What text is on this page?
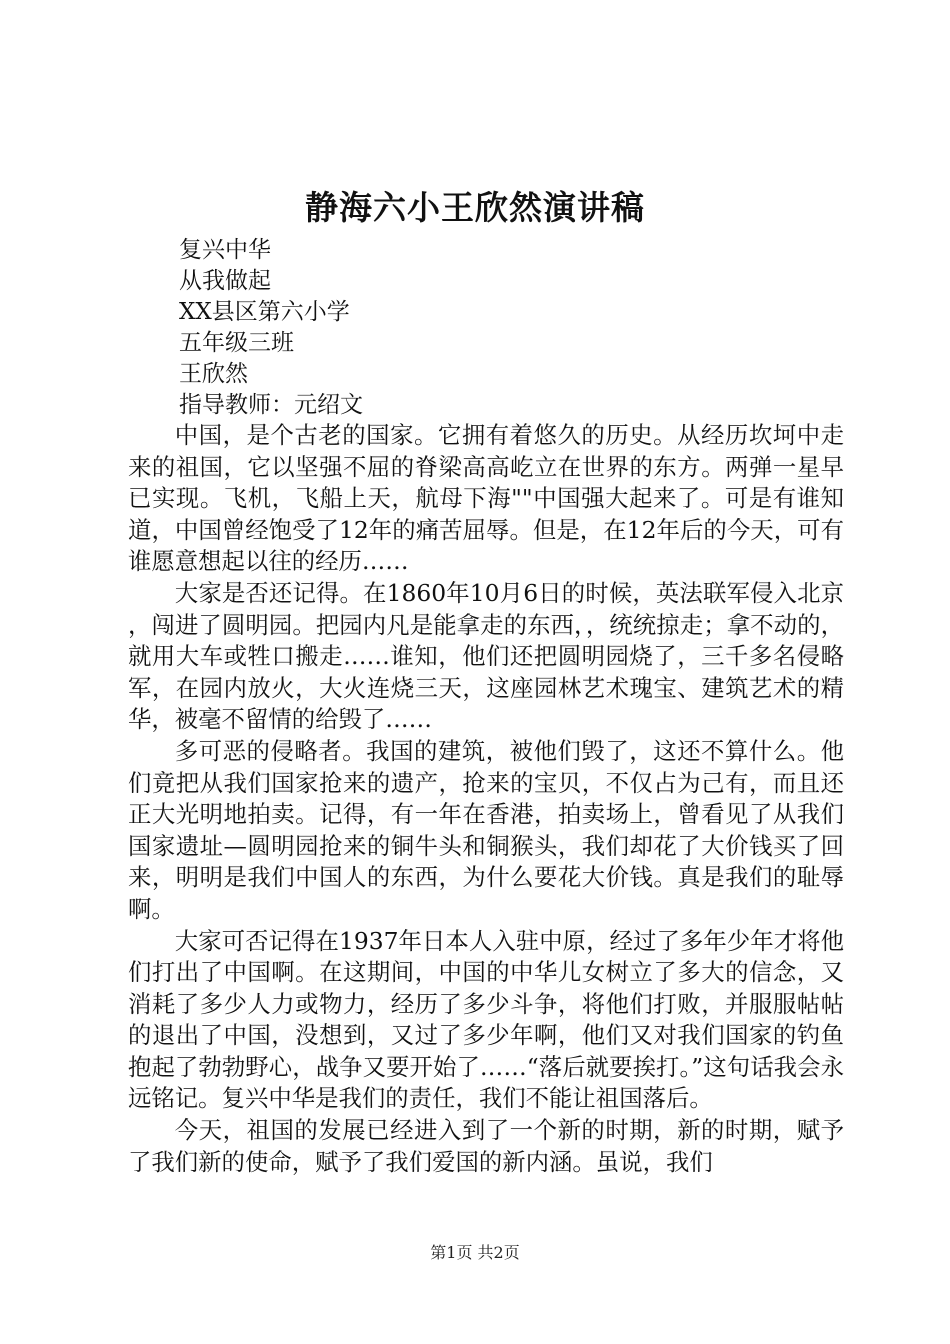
静海六小王欣然演讲稿
复兴中华
从我做起
XX县区第六小学
五年级三班
王欣然
指导教师：元绍文

中国，是个古老的国家。它拥有着悠久的历史。从经历坎坷中走来的祖国，它以坚强不屈的脊梁高高屹立在世界的东方。两弹一星早已实现。飞机，飞船上天，航母下海""中国强大起来了。可是有谁知道，中国曾经饱受了12年的痛苦屈辱。但是，在12年后的今天，可有谁愿意想起以往的经历……

大家是否还记得。在1860年10月6日的时候，英法联军侵入北京，闯进了圆明园。把园内凡是能拿走的东西，，统统掠走；拿不动的，就用大车或牲口搬走……谁知，他们还把圆明园烧了，三千多名侵略军，在园内放火，大火连烧三天，这座园林艺术瑰宝、建筑艺术的精华，被毫不留情的给毁了……

多可恶的侵略者。我国的建筑，被他们毁了，这还不算什么。他们竟把从我们国家抢来的遗产，抢来的宝贝，不仅占为己有，而且还正大光明地拍卖。记得，有一年在香港，拍卖场上，曾看见了从我们国家遗址—圆明园抢来的铜牛头和铜猴头，我们却花了大价钱买了回来，明明是我们中国人的东西，为什么要花大价钱。真是我们的耻辱啊。

大家可否记得在1937年日本人入驻中原，经过了多年少年才将他们打出了中国啊。在这期间，中国的中华儿女树立了多大的信念，又消耗了多少人力或物力，经历了多少斗争，将他们打败，并服服帖帖的退出了中国，没想到，又过了多少年啊，他们又对我们国家的钓鱼抱起了勃勃野心，战争又要开始了……“落后就要挨打。”这句话我会永远铭记。复兴中华是我们的责任，我们不能让祖国落后。

今天，祖国的发展已经进入到了一个新的时期，新的时期，赋予了我们新的使命，赋予了我们爱国的新内涵。虽说，我们

第1页 共2页
